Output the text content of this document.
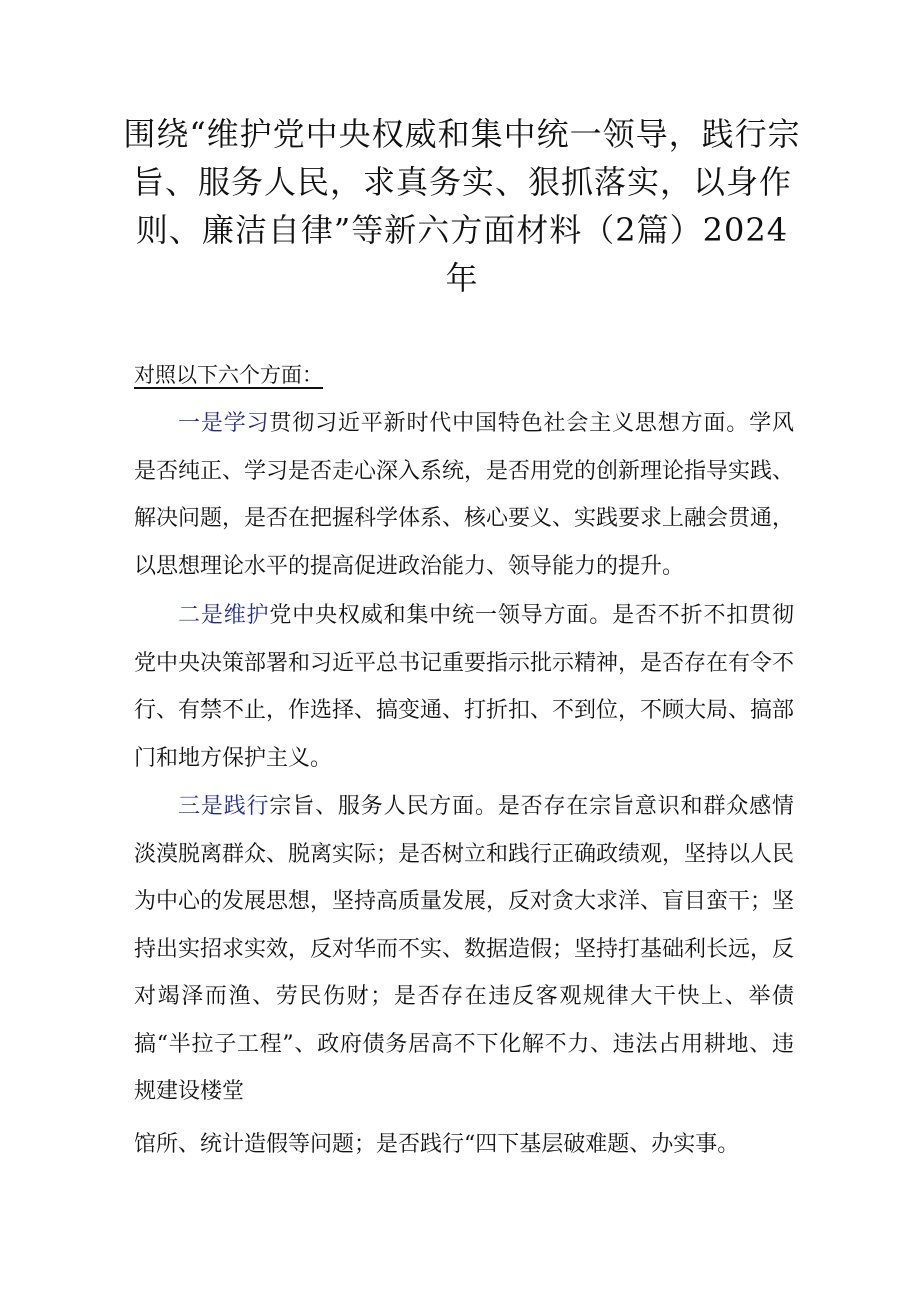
围绕“维护党中央权威和集中统一领导，践行宗旨、服务人民，求真务实、狠抓落实，以身作则、廉洁自律”等新六方面材料（2篇）2024年

对照以下六个方面：

一是学习贯彻习近平新时代中国特色社会主义思想方面。学风是否纯正、学习是否走心深入系统，是否用党的创新理论指导实践、解决问题，是否在把握科学体系、核心要义、实践要求上融会贯通，以思想理论水平的提高促进政治能力、领导能力的提升。

二是维护党中央权威和集中统一领导方面。是否不折不扣贯彻党中央决策部署和习近平总书记重要指示批示精神，是否存在有令不行、有禁不止，作选择、搞变通、打折扣、不到位，不顾大局、搞部门和地方保护主义。

三是践行宗旨、服务人民方面。是否存在宗旨意识和群众感情淡漠脱离群众、脱离实际；是否树立和践行正确政绩观，坚持以人民为中心的发展思想，坚持高质量发展，反对贪大求洋、盲目蛮干；坚持出实招求实效，反对华而不实、数据造假；坚持打基础利长远，反对竭泽而渔、劳民伤财；是否存在违反客观规律大干快上、举债搞“半拉子工程”、政府债务居高不下化解不力、违法占用耕地、违规建设楼堂

馆所、统计造假等问题；是否践行“四下基层破难题、办实事。
